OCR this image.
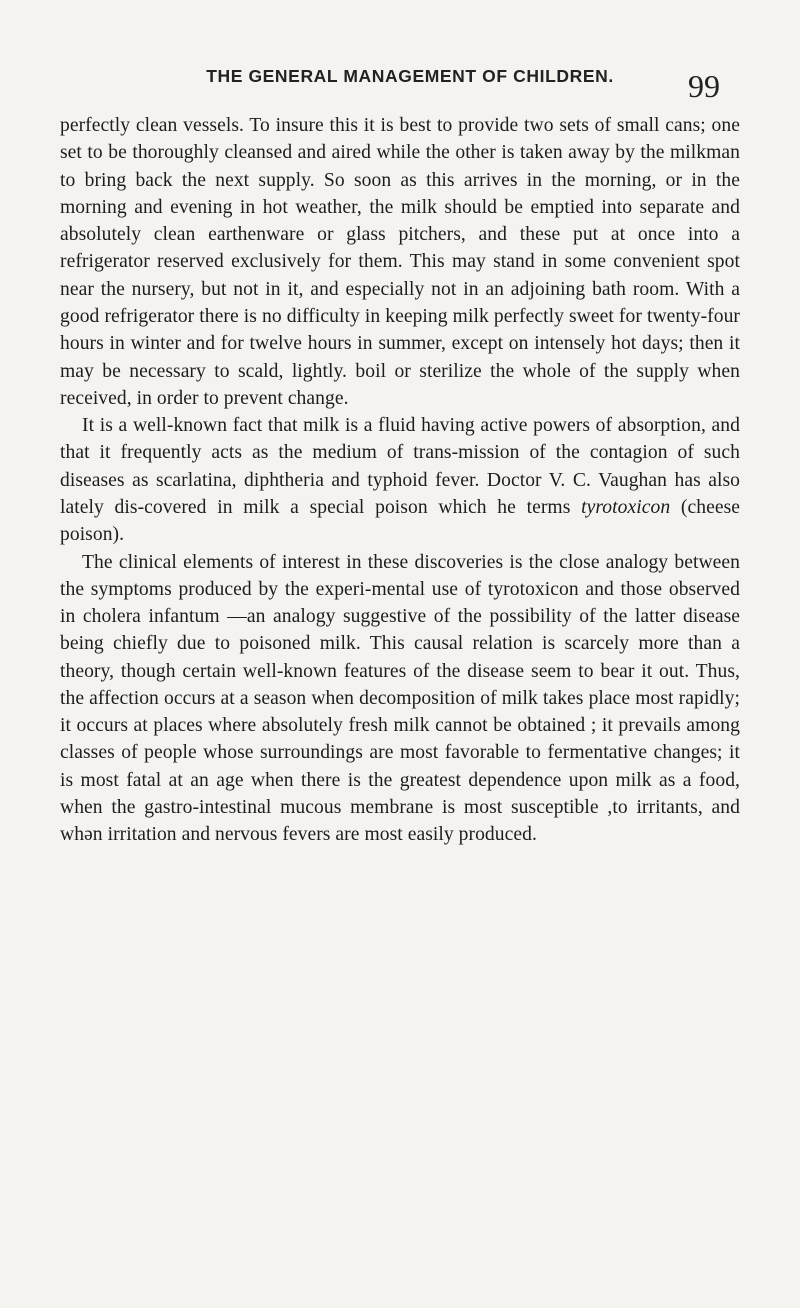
THE GENERAL MANAGEMENT OF CHILDREN.	99

perfectly clean vessels. To insure this it is best to provide two sets of small cans; one set to be thoroughly cleansed and aired while the other is taken away by the milkman to bring back the next supply. So soon as this arrives in the morning, or in the morning and evening in hot weather, the milk should be emptied into separate and absolutely clean earthenware or glass pitchers, and these put at once into a refrigerator reserved exclusively for them. This may stand in some convenient spot near the nursery, but not in it, and especially not in an adjoining bath room. With a good refrigerator there is no difficulty in keeping milk perfectly sweet for twenty-four hours in winter and for twelve hours in summer, except on intensely hot days; then it may be necessary to scald, lightly. boil or sterilize the whole of the supply when received, in order to prevent change.

It is a well-known fact that milk is a fluid having active powers of absorption, and that it frequently acts as the medium of trans-mission of the contagion of such diseases as scarlatina, diphtheria and typhoid fever. Doctor V. C. Vaughan has also lately dis-covered in milk a special poison which he terms tyrotoxicon (cheese poison).

The clinical elements of interest in these discoveries is the close analogy between the symptoms produced by the experi-mental use of tyrotoxicon and those observed in cholera infantum —an analogy suggestive of the possibility of the latter disease being chiefly due to poisoned milk. This causal relation is scarcely more than a theory, though certain well-known features of the disease seem to bear it out. Thus, the affection occurs at a season when decomposition of milk takes place most rapidly; it occurs at places where absolutely fresh milk cannot be obtained ; it prevails among classes of people whose surroundings are most favorable to fermentative changes; it is most fatal at an age when there is the greatest dependence upon milk as a food, when the gastro-intestinal mucous membrane is most susceptible ,to irritants, and whən irritation and nervous fevers are most easily produced.
